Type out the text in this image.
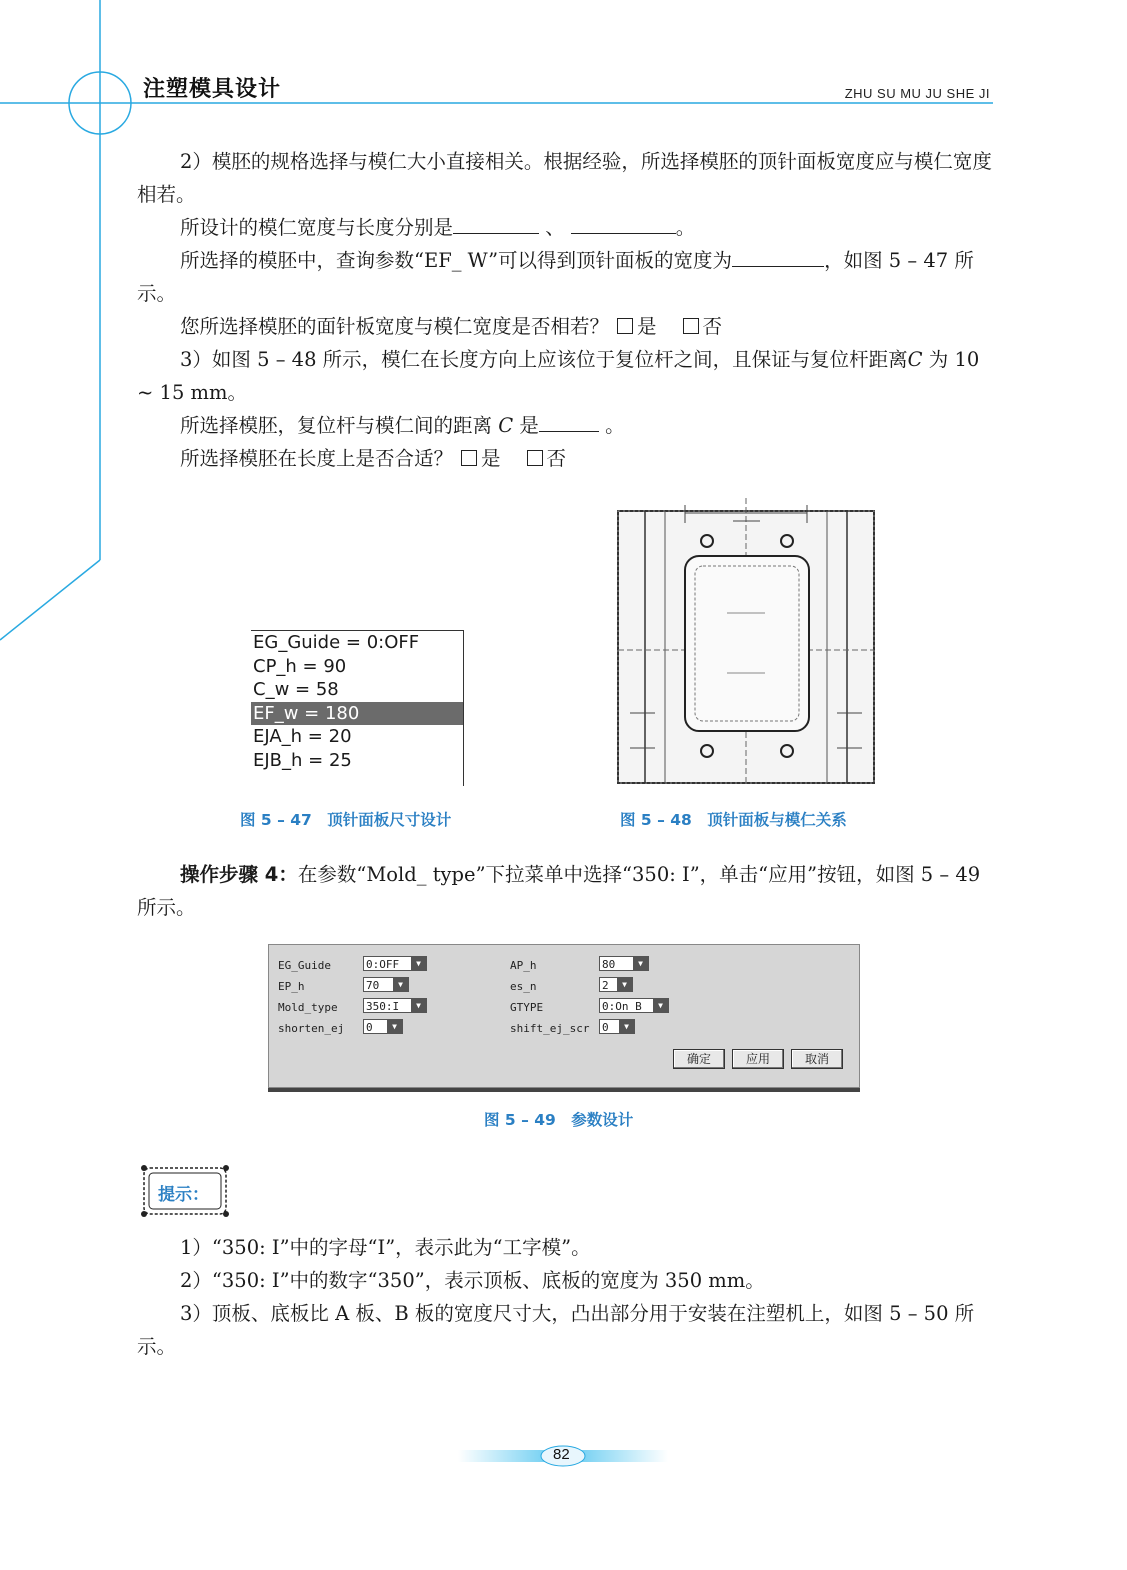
注塑模具设计	ZHU SU MU JU SHE JI
2）模胚的规格选择与模仁大小直接相关。根据经验，所选择模胚的顶针面板宽度应与模仁宽度相若。
所设计的模仁宽度与长度分别是	、	。
所选择的模胚中，查询参数“EF_ W”可以得到顶针面板的宽度为	，如图 5 – 47 所示。
您所选择模胚的面针板宽度与模仁宽度是否相若？ 是 否
3）如图 5 – 48 所示，模仁在长度方向上应该位于复位杆之间，且保证与复位杆距离C 为 10 ~ 15 mm。
所选择模胚，复位杆与模仁间的距离 C 是	。
所选择模胚在长度上是否合适？ 是 否
EG_Guide = 0:OFF
CP_h = 90
C_w = 58
EF_w = 180
EJA_h = 20
EJB_h = 25
图 5 – 47　顶针面板尺寸设计	图 5 – 48　顶针面板与模仁关系
操作步骤 4：在参数“Mold_ type”下拉菜单中选择“350: I”，单击“应用”按钮，如图 5 – 49 所示。
EG_Guide	0:OFF	▼
EP_h	70	▼
Mold_type	350:I	▼
shorten_ej 0	▼
AP_h	80	▼
es_n	2	▼
GTYPE	0:On B	▼
shift_ej_scr 0	▼
确定	应用	取消
图 5 – 49　参数设计
提示：
1）“350: I”中的字母“I”，表示此为“工字模”。
2）“350: I”中的数字“350”，表示顶板、底板的宽度为 350 mm。
3）顶板、底板比 A 板、B 板的宽度尺寸大，凸出部分用于安装在注塑机上，如图 5 – 50 所示。
82
